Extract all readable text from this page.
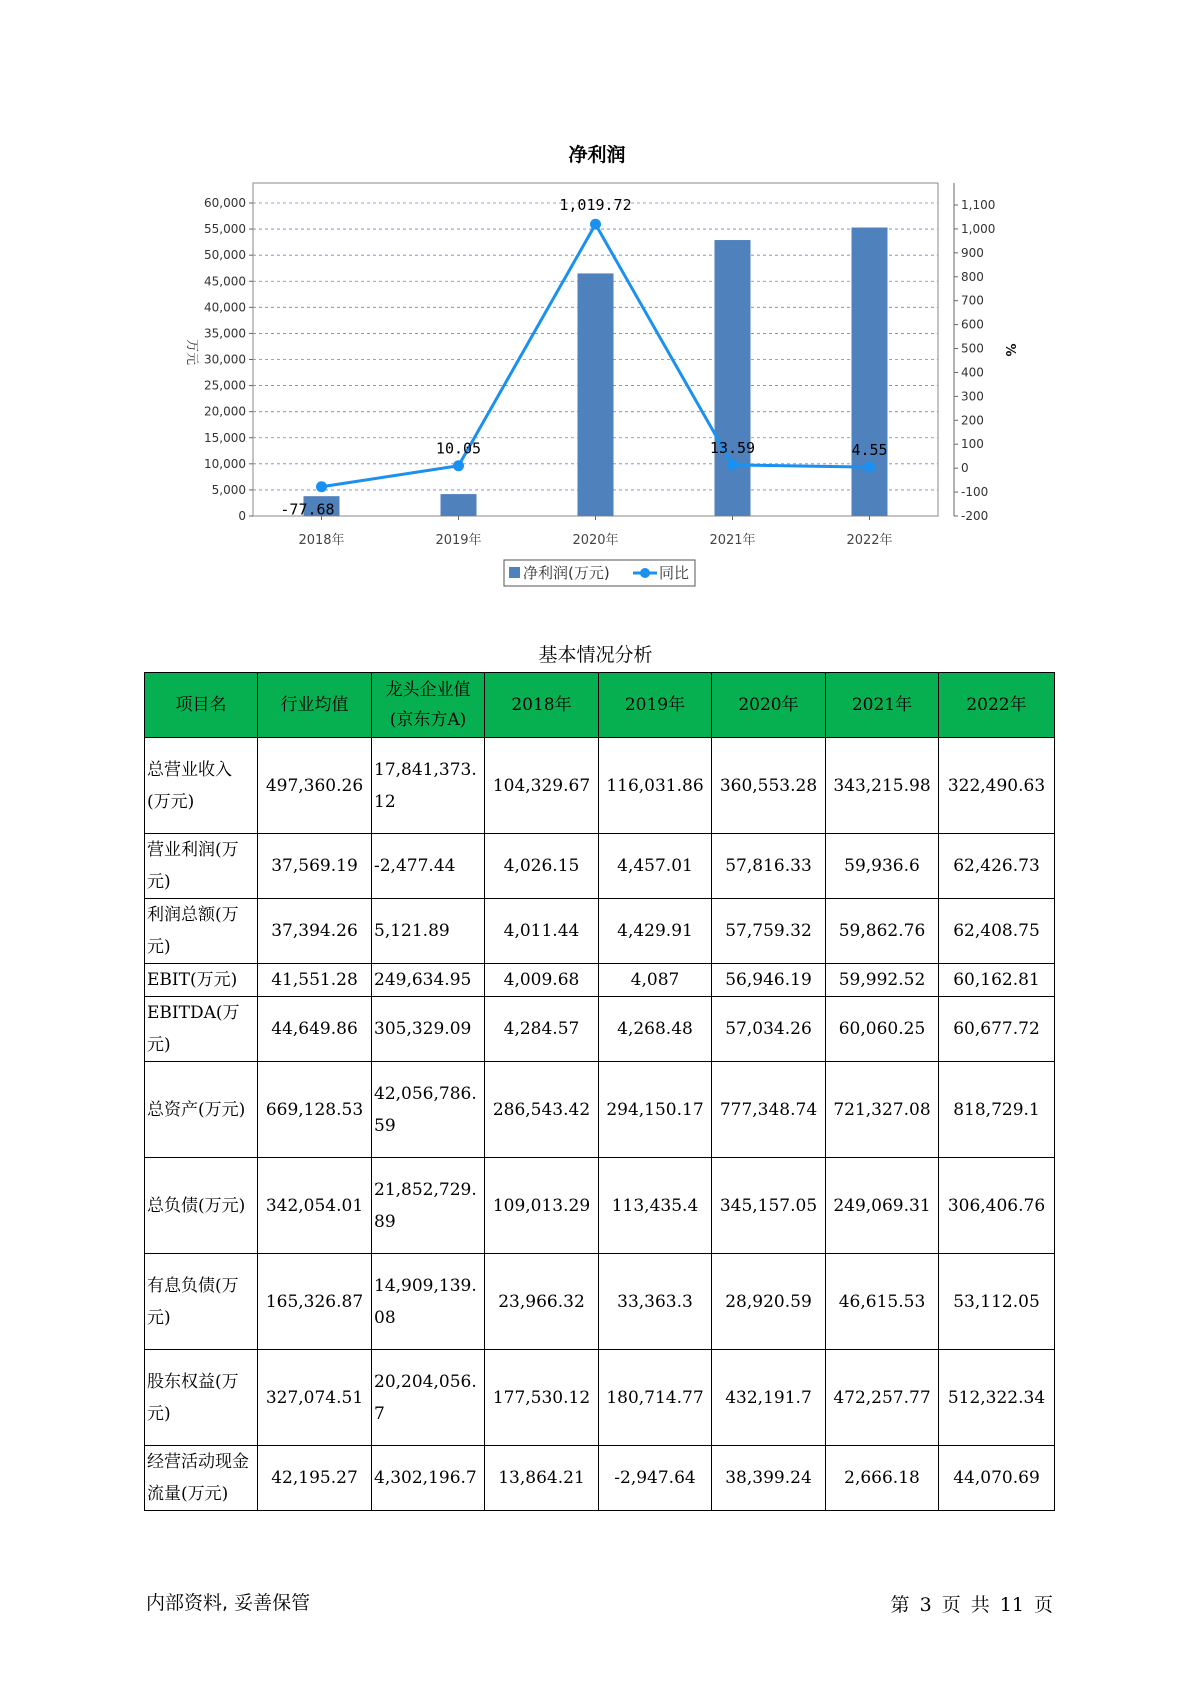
净利润
60,000
55,000
50,000
45,000
40,000
35,000
30,000
25,000
20,000
15,000
10,000
5,000
0
1,100
1,000
900
800
700
600
500
400
300
200
100
0
-100
-200
万元	%
2018年	2019年	2020年	2021年	2022年
-77.68
10.05
1,019.72
13.59	4.55
净利润(万元)	同比
基本情况分析
项目名	行业均值	龙头企业值(京东方A)	2018年	2019年	2020年	2021年	2022年
总营业收入(万元)	497,360.26	17,841,373.12	104,329.67	116,031.86	360,553.28	343,215.98	322,490.63
营业利润(万元)	37,569.19	-2,477.44	4,026.15	4,457.01	57,816.33	59,936.6	62,426.73
利润总额(万元)	37,394.26	5,121.89	4,011.44	4,429.91	57,759.32	59,862.76	62,408.75
EBIT(万元)	41,551.28	249,634.95	4,009.68	4,087	56,946.19	59,992.52	60,162.81
EBITDA(万元)	44,649.86	305,329.09	4,284.57	4,268.48	57,034.26	60,060.25	60,677.72
总资产(万元)	669,128.53	42,056,786.59	286,543.42	294,150.17	777,348.74	721,327.08	818,729.1
总负债(万元)	342,054.01	21,852,729.89	109,013.29	113,435.4	345,157.05	249,069.31	306,406.76
有息负债(万元)	165,326.87	14,909,139.08	23,966.32	33,363.3	28,920.59	46,615.53	53,112.05
股东权益(万元)	327,074.51	20,204,056.7	177,530.12	180,714.77	432,191.7	472,257.77	512,322.34
经营活动现金流量(万元)	42,195.27	4,302,196.7	13,864.21	-2,947.64	38,399.24	2,666.18	44,070.69
内部资料, 妥善保管	第 3 页 共 11 页
